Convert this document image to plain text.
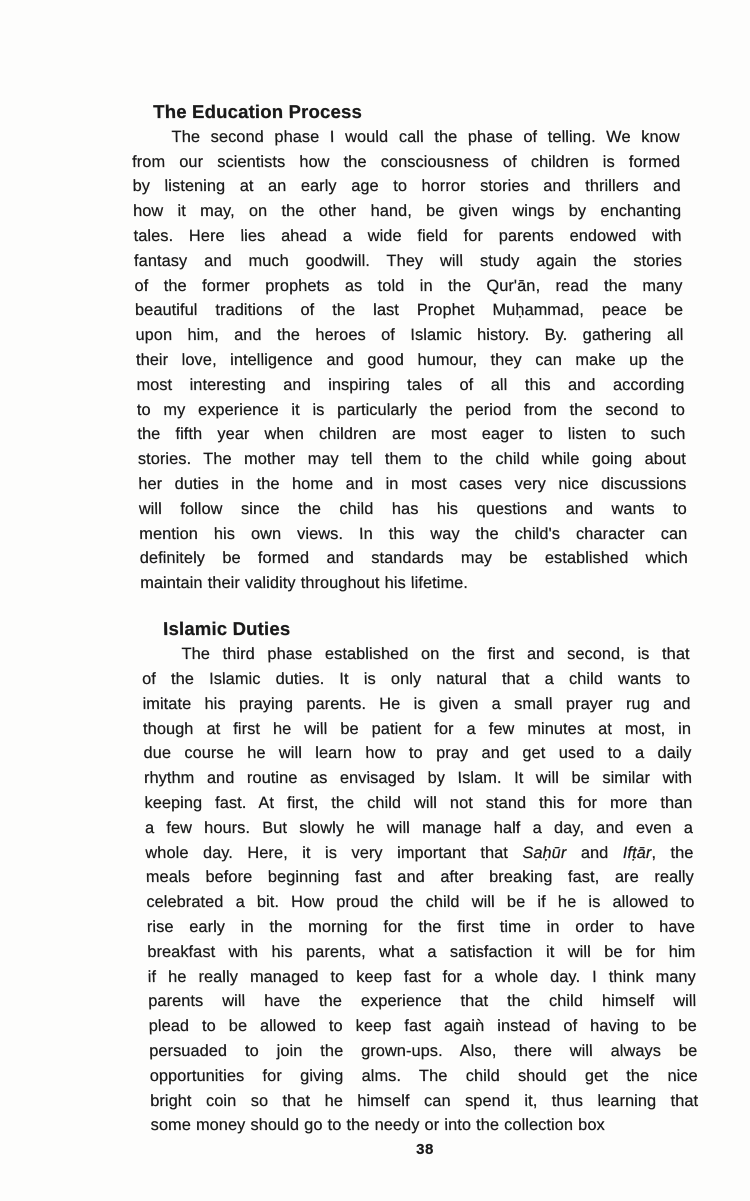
The Education Process
The second phase I would call the phase of telling. We know
from our scientists how the consciousness of children is formed
by listening at an early age to horror stories and thrillers and
how it may, on the other hand, be given wings by enchanting
tales. Here lies ahead a wide field for parents endowed with
fantasy and much goodwill. They will study again the stories
of the former prophets as told in the Qur'ān, read the many
beautiful traditions of the last Prophet Muḥammad, peace be
upon him, and the heroes of Islamic history. By. gathering all
their love, intelligence and good humour, they can make up the
most interesting and inspiring tales of all this and according
to my experience it is particularly the period from the second to
the fifth year when children are most eager to listen to such
stories. The mother may tell them to the child while going about
her duties in the home and in most cases very nice discussions
will follow since the child has his questions and wants to
mention his own views. In this way the child's character can
definitely be formed and standards may be established which
maintain their validity throughout his lifetime.
Islamic Duties
The third phase established on the first and second, is that
of the Islamic duties. It is only natural that a child wants to
imitate his praying parents. He is given a small prayer rug and
though at first he will be patient for a few minutes at most, in
due course he will learn how to pray and get used to a daily
rhythm and routine as envisaged by Islam. It will be similar with
keeping fast. At first, the child will not stand this for more than
a few hours. But slowly he will manage half a day, and even a
whole day. Here, it is very important that Saḥūr and Ifṭār, the
meals before beginning fast and after breaking fast, are really
celebrated a bit. How proud the child will be if he is allowed to
rise early in the morning for the first time in order to have
breakfast with his parents, what a satisfaction it will be for him
if he really managed to keep fast for a whole day. I think many
parents will have the experience that the child himself will
plead to be allowed to keep fast agaiǹ instead of having to be
persuaded to join the grown-ups. Also, there will always be
opportunities for giving alms. The child should get the nice
bright coin so that he himself can spend it, thus learning that
some money should go to the needy or into the collection box
38
